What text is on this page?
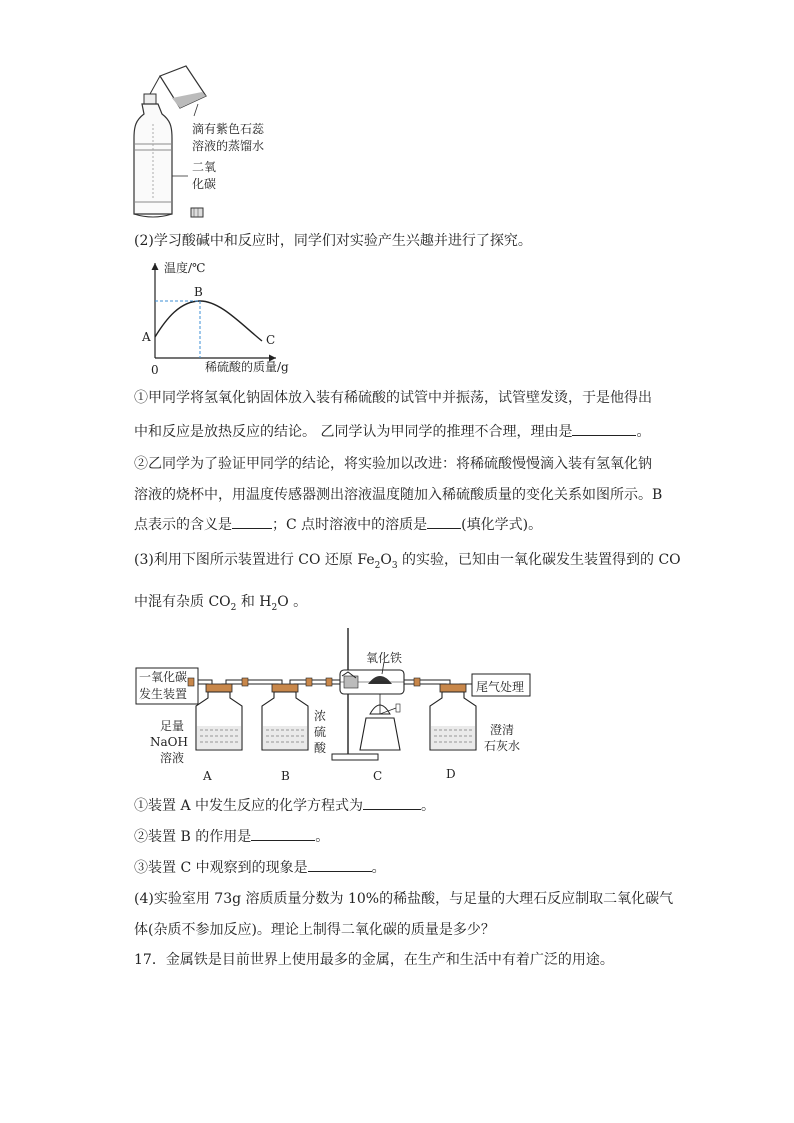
滴有紫色石蕊
溶液的蒸馏水
二氧
化碳
(2)学习酸碱中和反应时，同学们对实验产生兴趣并进行了探究。
温度/℃
B
A	C
0	稀硫酸的质量/g
①甲同学将氢氧化钠固体放入装有稀硫酸的试管中并振荡，试管壁发烫，于是他得出
中和反应是放热反应的结论。 乙同学认为甲同学的推理不合理，理由是	。
②乙同学为了验证甲同学的结论，将实验加以改进：将稀硫酸慢慢滴入装有氢氧化钠
溶液的烧杯中，用温度传感器测出溶液温度随加入稀硫酸质量的变化关系如图所示。B
点表示的含义是	；C 点时溶液中的溶质是 (填化学式)。
(3)利用下图所示装置进行 CO 还原 $Fe_2O_3$ 的实验，已知由一氧化碳发生装置得到的 CO
中混有杂质 $CO_2$ 和 $H_2O$ 。
一氧化碳
发生装置
氧化铁
尾气处理
足量
NaOH
溶液
浓
硫
酸
澄清
石灰水
A	B	C	D
①装置 A 中发生反应的化学方程式为	。
②装置 B 的作用是	。
③装置 C 中观察到的现象是	。
(4)实验室用 73g 溶质质量分数为 10%的稀盐酸，与足量的大理石反应制取二氧化碳气
体(杂质不参加反应)。理论上制得二氧化碳的质量是多少？
17．金属铁是目前世界上使用最多的金属，在生产和生活中有着广泛的用途。
